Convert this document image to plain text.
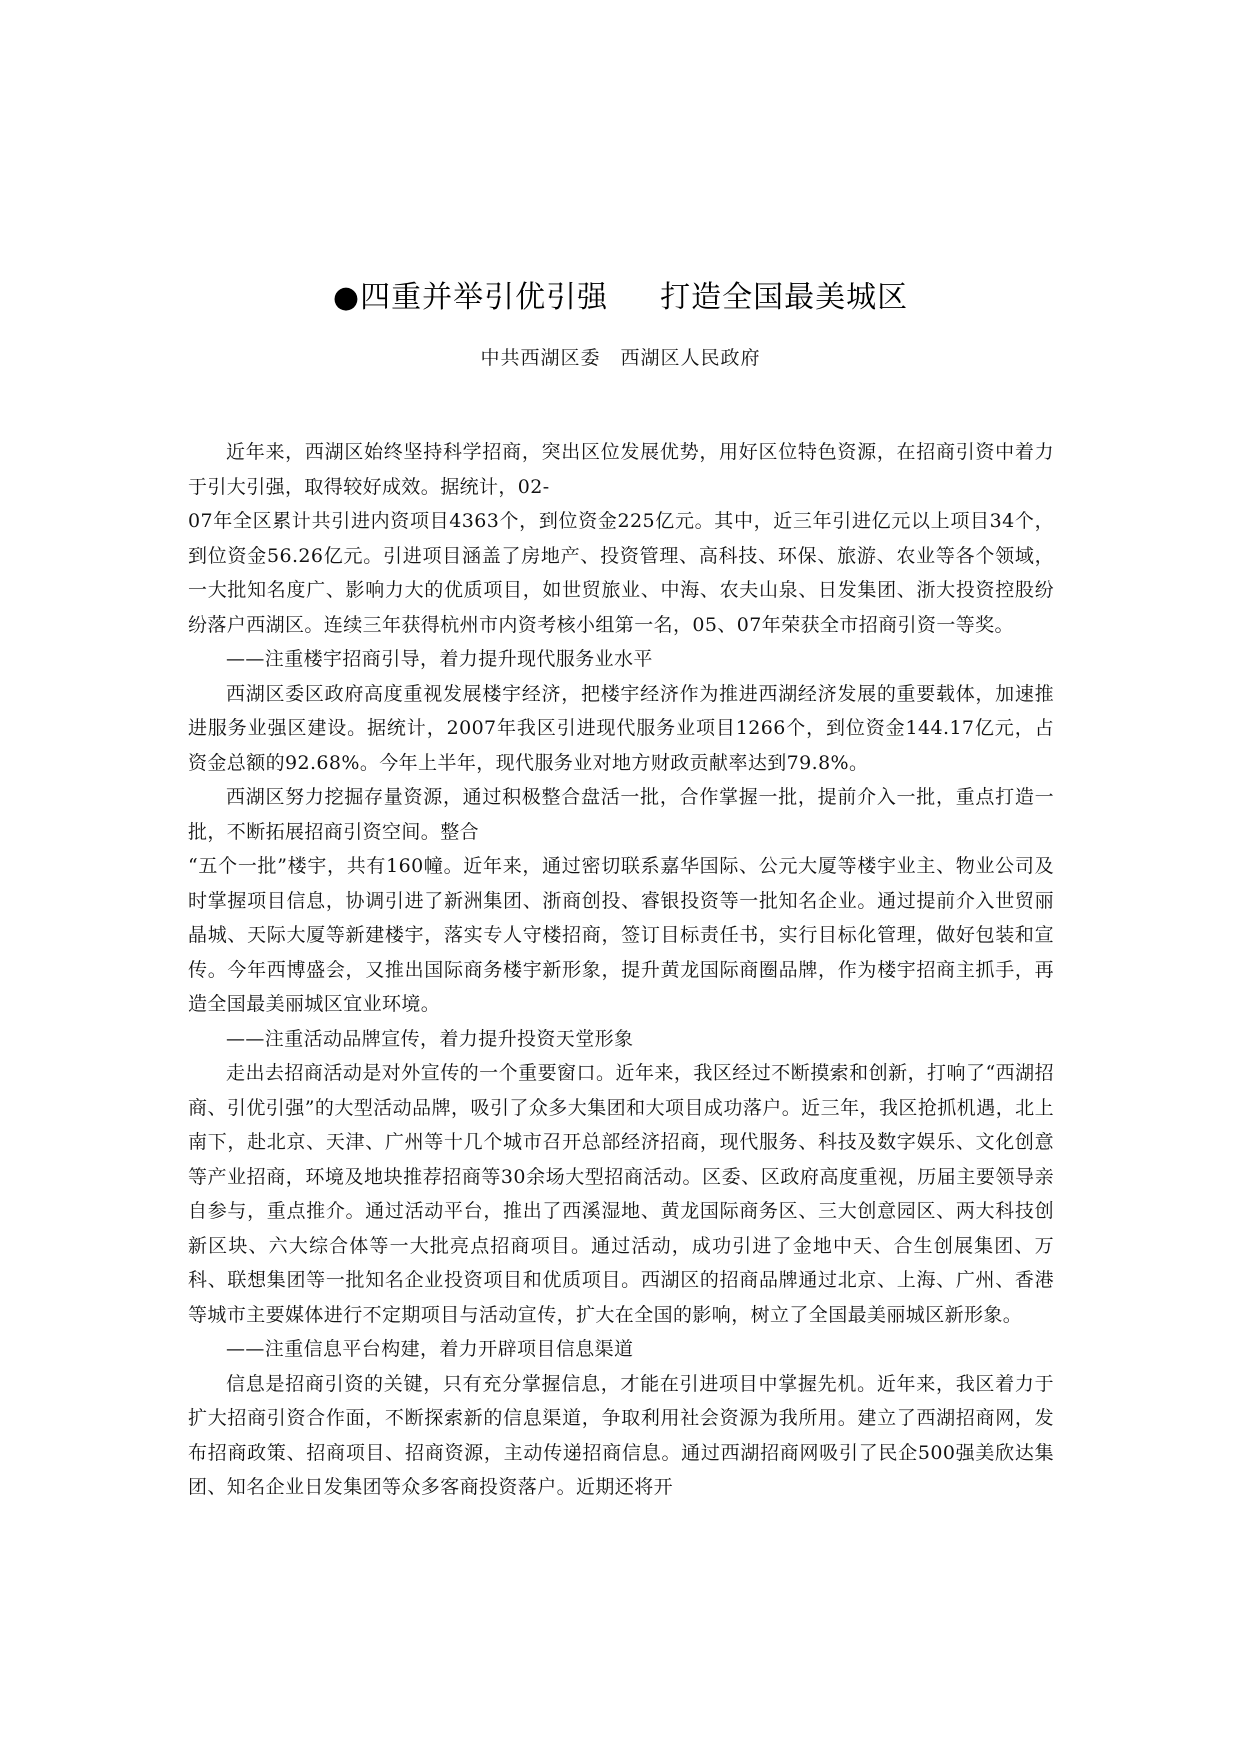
●四重并举引优引强 打造全国最美城区
中共西湖区委 西湖区人民政府

近年来，西湖区始终坚持科学招商，突出区位发展优势，用好区位特色资源，在招商引资中着力于引大引强，取得较好成效。据统计，02-

07年全区累计共引进内资项目4363个，到位资金225亿元。其中，近三年引进亿元以上项目34个，到位资金56.26亿元。引进项目涵盖了房地产、投资管理、高科技、环保、旅游、农业等各个领域，一大批知名度广、影响力大的优质项目，如世贸旅业、中海、农夫山泉、日发集团、浙大投资控股纷纷落户西湖区。连续三年获得杭州市内资考核小组第一名，05、07年荣获全市招商引资一等奖。

——注重楼宇招商引导，着力提升现代服务业水平

西湖区委区政府高度重视发展楼宇经济，把楼宇经济作为推进西湖经济发展的重要载体，加速推进服务业强区建设。据统计，2007年我区引进现代服务业项目1266个，到位资金144.17亿元，占资金总额的92.68%。今年上半年，现代服务业对地方财政贡献率达到79.8%。

西湖区努力挖掘存量资源，通过积极整合盘活一批，合作掌握一批，提前介入一批，重点打造一批，不断拓展招商引资空间。整合

“五个一批”楼宇，共有160幢。近年来，通过密切联系嘉华国际、公元大厦等楼宇业主、物业公司及时掌握项目信息，协调引进了新洲集团、浙商创投、睿银投资等一批知名企业。通过提前介入世贸丽晶城、天际大厦等新建楼宇，落实专人守楼招商，签订目标责任书，实行目标化管理，做好包装和宣传。今年西博盛会，又推出国际商务楼宇新形象，提升黄龙国际商圈品牌，作为楼宇招商主抓手，再造全国最美丽城区宜业环境。

——注重活动品牌宣传，着力提升投资天堂形象

走出去招商活动是对外宣传的一个重要窗口。近年来，我区经过不断摸索和创新，打响了“西湖招商、引优引强”的大型活动品牌，吸引了众多大集团和大项目成功落户。近三年，我区抢抓机遇，北上南下，赴北京、天津、广州等十几个城市召开总部经济招商，现代服务、科技及数字娱乐、文化创意等产业招商，环境及地块推荐招商等30余场大型招商活动。区委、区政府高度重视，历届主要领导亲自参与，重点推介。通过活动平台，推出了西溪湿地、黄龙国际商务区、三大创意园区、两大科技创新区块、六大综合体等一大批亮点招商项目。通过活动，成功引进了金地中天、合生创展集团、万科、联想集团等一批知名企业投资项目和优质项目。西湖区的招商品牌通过北京、上海、广州、香港等城市主要媒体进行不定期项目与活动宣传，扩大在全国的影响，树立了全国最美丽城区新形象。

——注重信息平台构建，着力开辟项目信息渠道

信息是招商引资的关键，只有充分掌握信息，才能在引进项目中掌握先机。近年来，我区着力于扩大招商引资合作面，不断探索新的信息渠道，争取利用社会资源为我所用。建立了西湖招商网，发布招商政策、招商项目、招商资源，主动传递招商信息。通过西湖招商网吸引了民企500强美欣达集团、知名企业日发集团等众多客商投资落户。近期还将开
